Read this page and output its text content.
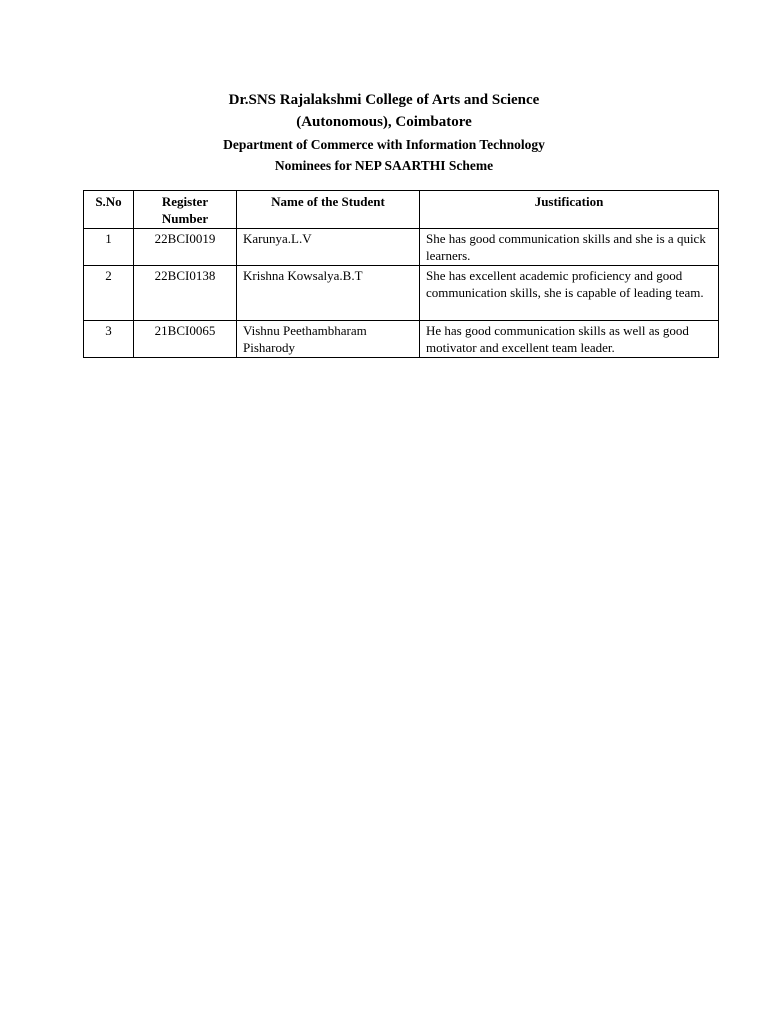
Dr.SNS Rajalakshmi College of Arts and Science
(Autonomous), Coimbatore
Department of Commerce with Information Technology
Nominees for NEP SAARTHI Scheme
S.No	Register Number	Name of the Student	Justification
1	22BCI0019	Karunya.L.V	She has good communication skills and she is a quick learners.
2	22BCI0138	Krishna Kowsalya.B.T	She has excellent academic proficiency and good communication skills, she is capable of leading team.
3	21BCI0065	Vishnu Peethambharam Pisharody	He has good communication skills as well as good motivator and excellent team leader.
